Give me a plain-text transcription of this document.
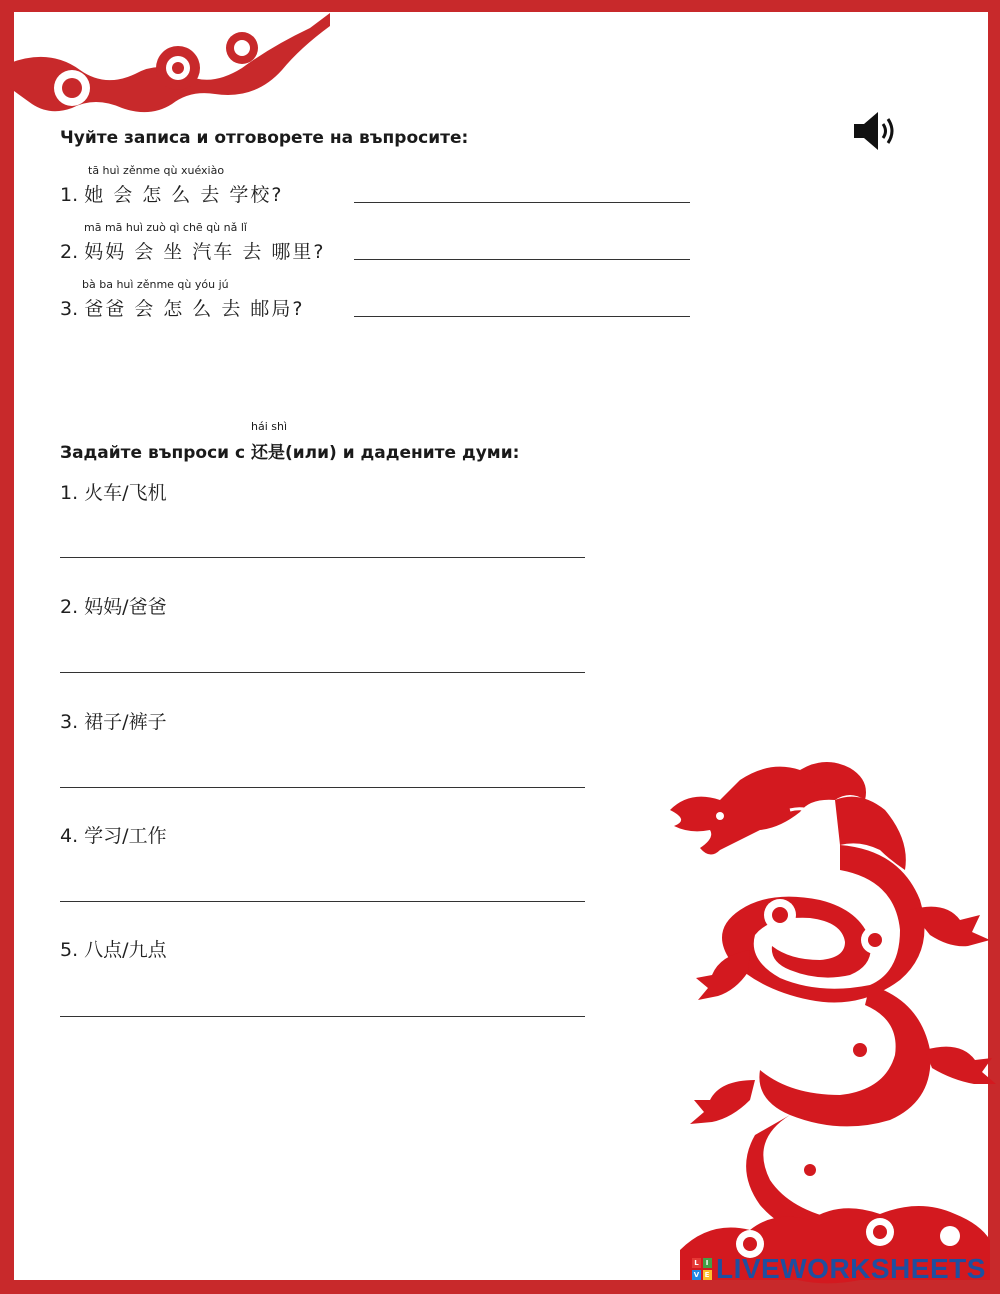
Чуйте записа и отговорете на въпросите:
tā huì zěnme qù xuéxiào
1. 她 会 怎 么 去 学校?
mā mā huì zuò qì chē qù nǎ lǐ
2. 妈妈 会 坐 汽车 去 哪里?
bà ba huì zěnme qù yóu jú
3. 爸爸 会 怎 么 去 邮局?
Задайте въпроси с
hái shì
还是(или) и дадените думи:
1. 火车/飞机
2. 妈妈/爸爸
3. 裙子/裤子
4. 学习/工作
5. 八点/九点
L I
V E LIVEWORKSHEETS
